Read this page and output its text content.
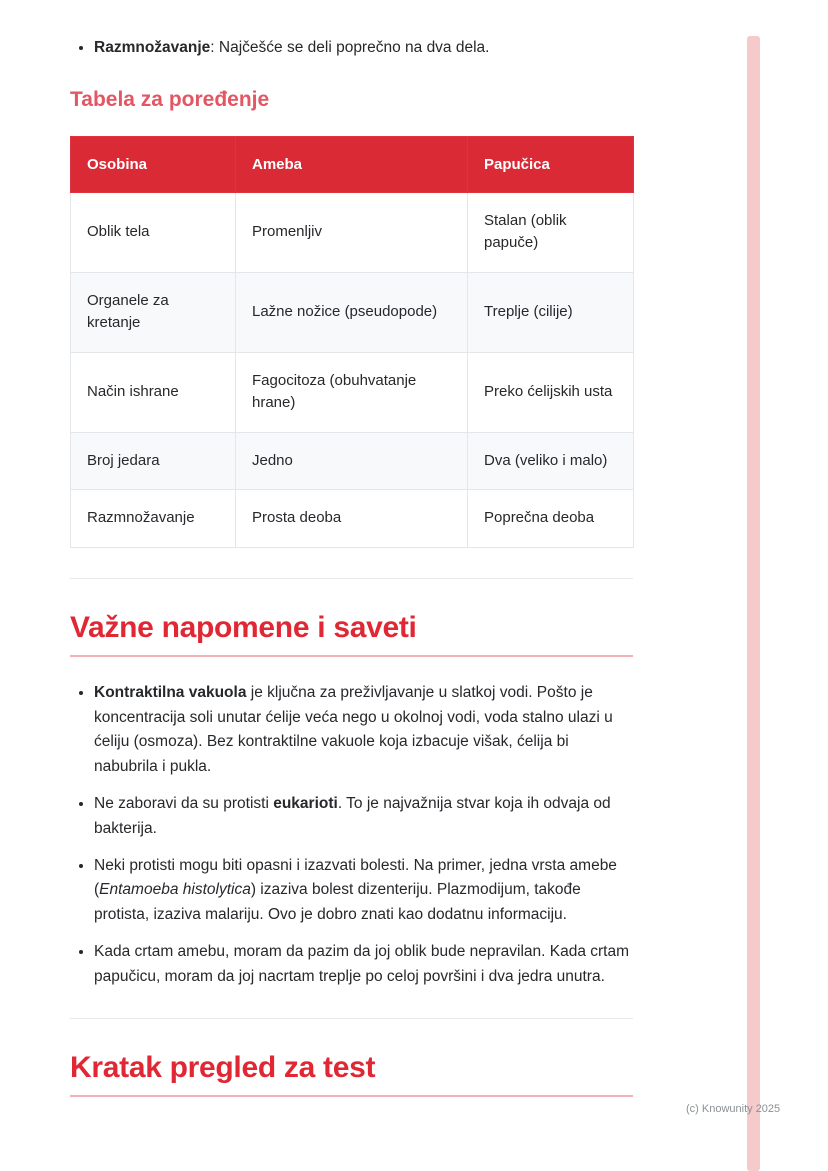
• Razmnožavanje: Najčešće se deli poprečno na dva dela.
Tabela za poređenje
Osobina	Ameba	Papučica
Oblik tela	Promenljiv	Stalan (oblik papuče)
Organele za kretanje	Lažne nožice (pseudopode)	Treplje (cilije)
Način ishrane	Fagocitoza (obuhvatanje hrane)	Preko ćelijskih usta
Broj jedara	Jedno	Dva (veliko i malo)
Razmnožavanje	Prosta deoba	Poprečna deoba
Važne napomene i saveti
• Kontraktilna vakuola je ključna za preživljavanje u slatkoj vodi. Pošto je koncentracija soli unutar ćelije veća nego u okolnoj vodi, voda stalno ulazi u ćeliju (osmoza). Bez kontraktilne vakuole koja izbacuje višak, ćelija bi nabubrila i pukla.
• Ne zaboravi da su protisti eukarioti. To je najvažnija stvar koja ih odvaja od bakterija.
• Neki protisti mogu biti opasni i izazvati bolesti. Na primer, jedna vrsta amebe (Entamoeba histolytica) izaziva bolest dizenteriju. Plazmodijum, takođe protista, izaziva malariju. Ovo je dobro znati kao dodatnu informaciju.
• Kada crtam amebu, moram da pazim da joj oblik bude nepravilan. Kada crtam papučicu, moram da joj nacrtam treplje po celoj površini i dva jedra unutra.
Kratak pregled za test
(c) Knowunity 2025
